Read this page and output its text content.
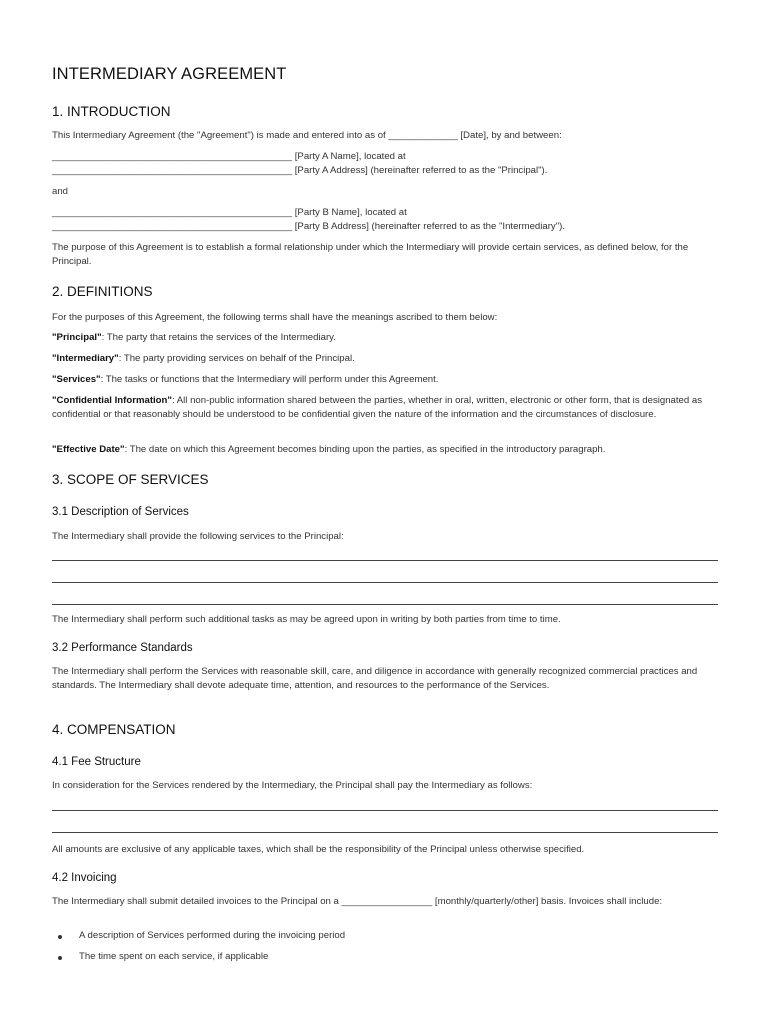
INTERMEDIARY AGREEMENT
1. INTRODUCTION
This Intermediary Agreement (the "Agreement") is made and entered into as of _____________ [Date], by and between:
_____________________________________________ [Party A Name], located at
_____________________________________________ [Party A Address] (hereinafter referred to as the "Principal").
and
_____________________________________________ [Party B Name], located at
_____________________________________________ [Party B Address] (hereinafter referred to as the "Intermediary").
The purpose of this Agreement is to establish a formal relationship under which the Intermediary will provide certain services, as defined below, for the Principal.
2. DEFINITIONS
For the purposes of this Agreement, the following terms shall have the meanings ascribed to them below:
"Principal": The party that retains the services of the Intermediary.
"Intermediary": The party providing services on behalf of the Principal.
"Services": The tasks or functions that the Intermediary will perform under this Agreement.
"Confidential Information": All non-public information shared between the parties, whether in oral, written, electronic or other form, that is designated as confidential or that reasonably should be understood to be confidential given the nature of the information and the circumstances of disclosure.
"Effective Date": The date on which this Agreement becomes binding upon the parties, as specified in the introductory paragraph.
3. SCOPE OF SERVICES
3.1 Description of Services
The Intermediary shall provide the following services to the Principal:
The Intermediary shall perform such additional tasks as may be agreed upon in writing by both parties from time to time.
3.2 Performance Standards
The Intermediary shall perform the Services with reasonable skill, care, and diligence in accordance with generally recognized commercial practices and standards. The Intermediary shall devote adequate time, attention, and resources to the performance of the Services.
4. COMPENSATION
4.1 Fee Structure
In consideration for the Services rendered by the Intermediary, the Principal shall pay the Intermediary as follows:
All amounts are exclusive of any applicable taxes, which shall be the responsibility of the Principal unless otherwise specified.
4.2 Invoicing
The Intermediary shall submit detailed invoices to the Principal on a _________________ [monthly/quarterly/other] basis. Invoices shall include:
A description of Services performed during the invoicing period
The time spent on each service, if applicable
